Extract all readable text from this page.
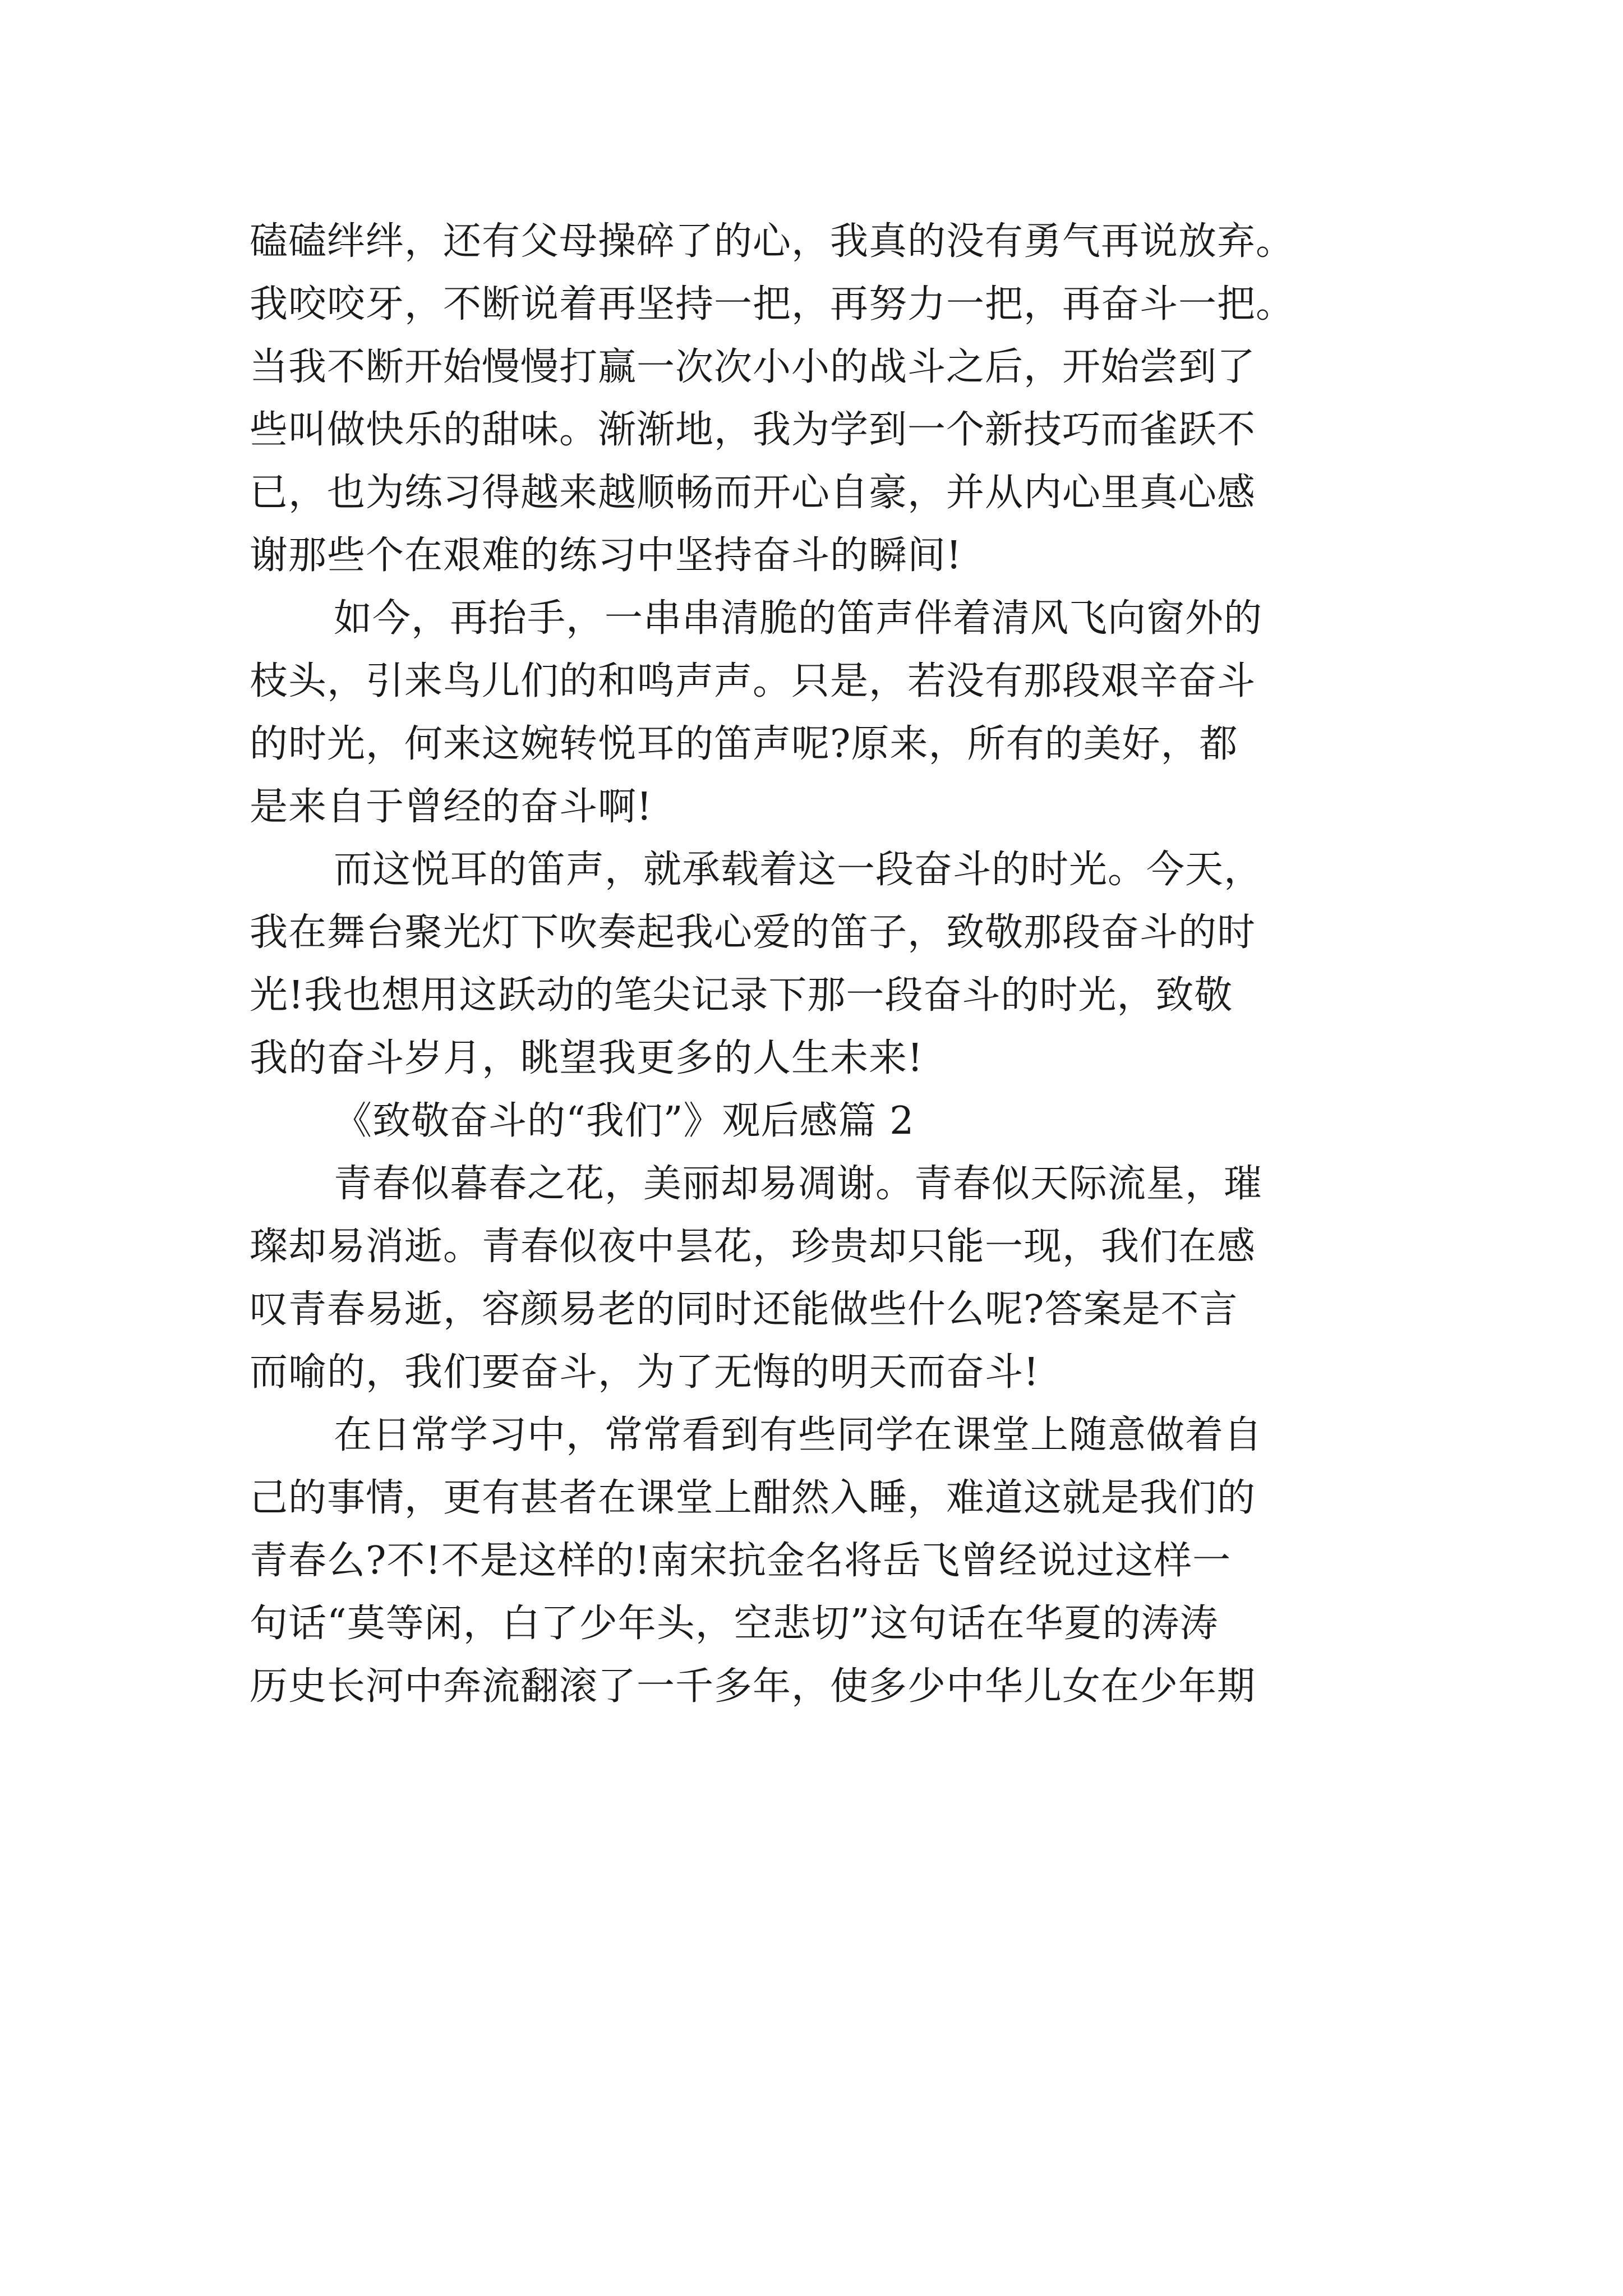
磕磕绊绊，还有父母操碎了的心，我真的没有勇气再说放弃。
我咬咬牙，不断说着再坚持一把，再努力一把，再奋斗一把。
当我不断开始慢慢打赢一次次小小的战斗之后，开始尝到了
些叫做快乐的甜味。渐渐地，我为学到一个新技巧而雀跃不
已，也为练习得越来越顺畅而开心自豪，并从内心里真心感
谢那些个在艰难的练习中坚持奋斗的瞬间!
如今，再抬手，一串串清脆的笛声伴着清风飞向窗外的
枝头，引来鸟儿们的和鸣声声。只是，若没有那段艰辛奋斗
的时光，何来这婉转悦耳的笛声呢?原来，所有的美好，都
是来自于曾经的奋斗啊!
而这悦耳的笛声，就承载着这一段奋斗的时光。今天，
我在舞台聚光灯下吹奏起我心爱的笛子，致敬那段奋斗的时
光!我也想用这跃动的笔尖记录下那一段奋斗的时光，致敬
我的奋斗岁月，眺望我更多的人生未来!
《致敬奋斗的“我们”》观后感篇 2
青春似暮春之花，美丽却易凋谢。青春似天际流星，璀
璨却易消逝。青春似夜中昙花，珍贵却只能一现，我们在感
叹青春易逝，容颜易老的同时还能做些什么呢?答案是不言
而喻的，我们要奋斗，为了无悔的明天而奋斗!
在日常学习中，常常看到有些同学在课堂上随意做着自
己的事情，更有甚者在课堂上酣然入睡，难道这就是我们的
青春么?不!不是这样的!南宋抗金名将岳飞曾经说过这样一
句话“莫等闲，白了少年头，空悲切”这句话在华夏的涛涛
历史长河中奔流翻滚了一千多年，使多少中华儿女在少年期
